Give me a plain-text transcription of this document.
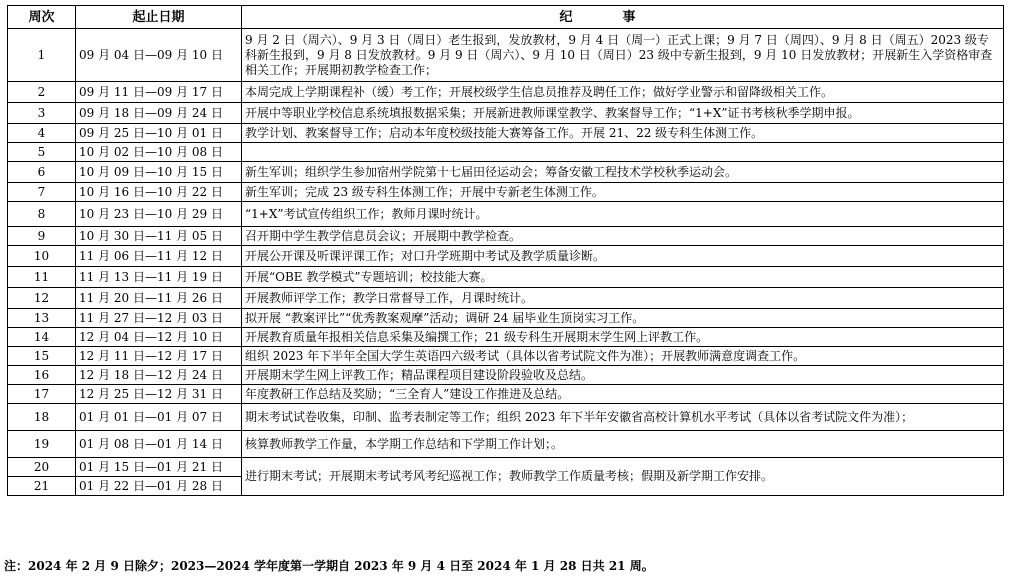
周次	起止日期	纪事
1	09 月 04 日—09 月 10 日	9 月 2 日（周六）、9 月 3 日（周日）老生报到，发放教材，9 月 4 日（周一）正式上课；9 月 7 日（周四）、9 月 8 日（周五）2023 级专科新生报到，9 月 8 日发放教材。9 月 9 日（周六）、9 月 10 日（周日）23 级中专新生报到，9 月 10 日发放教材；开展新生入学资格审查相关工作；开展期初教学检查工作；
2	09 月 11 日—09 月 17 日	本周完成上学期课程补（缓）考工作；开展校级学生信息员推荐及聘任工作；做好学业警示和留降级相关工作。
3	09 月 18 日—09 月 24 日	开展中等职业学校信息系统填报数据采集；开展新进教师课堂教学、教案督导工作；“1+X”证书考核秋季学期申报。
4	09 月 25 日—10 月 01 日	教学计划、教案督导工作；启动本年度校级技能大赛筹备工作。开展 21、22 级专科生体测工作。
5	10 月 02 日—10 月 08 日	
6	10 月 09 日—10 月 15 日	新生军训；组织学生参加宿州学院第十七届田径运动会；筹备安徽工程技术学校秋季运动会。
7	10 月 16 日—10 月 22 日	新生军训；完成 23 级专科生体测工作；开展中专新老生体测工作。
8	10 月 23 日—10 月 29 日	“1+X”考试宣传组织工作；教师月课时统计。
9	10 月 30 日—11 月 05 日	召开期中学生教学信息员会议；开展期中教学检查。
10	11 月 06 日—11 月 12 日	开展公开课及听课评课工作；对口升学班期中考试及教学质量诊断。
11	11 月 13 日—11 月 19 日	开展“OBE 教学模式”专题培训；校技能大赛。
12	11 月 20 日—11 月 26 日	开展教师评学工作；教学日常督导工作，月课时统计。
13	11 月 27 日—12 月 03 日	拟开展 “教案评比”“优秀教案观摩”活动；调研 24 届毕业生顶岗实习工作。
14	12 月 04 日—12 月 10 日	开展教育质量年报相关信息采集及编撰工作；21 级专科生开展期末学生网上评教工作。
15	12 月 11 日—12 月 17 日	组织 2023 年下半年全国大学生英语四六级考试（具体以省考试院文件为准）；开展教师满意度调查工作。
16	12 月 18 日—12 月 24 日	开展期末学生网上评教工作；精品课程项目建设阶段验收及总结。
17	12 月 25 日—12 月 31 日	年度教研工作总结及奖励；“三全育人”建设工作推进及总结。
18	01 月 01 日—01 月 07 日	期末考试试卷收集，印制、监考表制定等工作；组织 2023 年下半年安徽省高校计算机水平考试（具体以省考试院文件为准）；
19	01 月 08 日—01 月 14 日	核算教师教学工作量，本学期工作总结和下学期工作计划；。
20	01 月 15 日—01 月 21 日	进行期末考试；开展期末考试考风考纪巡视工作；教师教学工作质量考核；假期及新学期工作安排。
21	01 月 22 日—01 月 28 日	
注：2024 年 2 月 9 日除夕；2023—2024 学年度第一学期自 2023 年 9 月 4 日至 2024 年 1 月 28 日共 21 周。
